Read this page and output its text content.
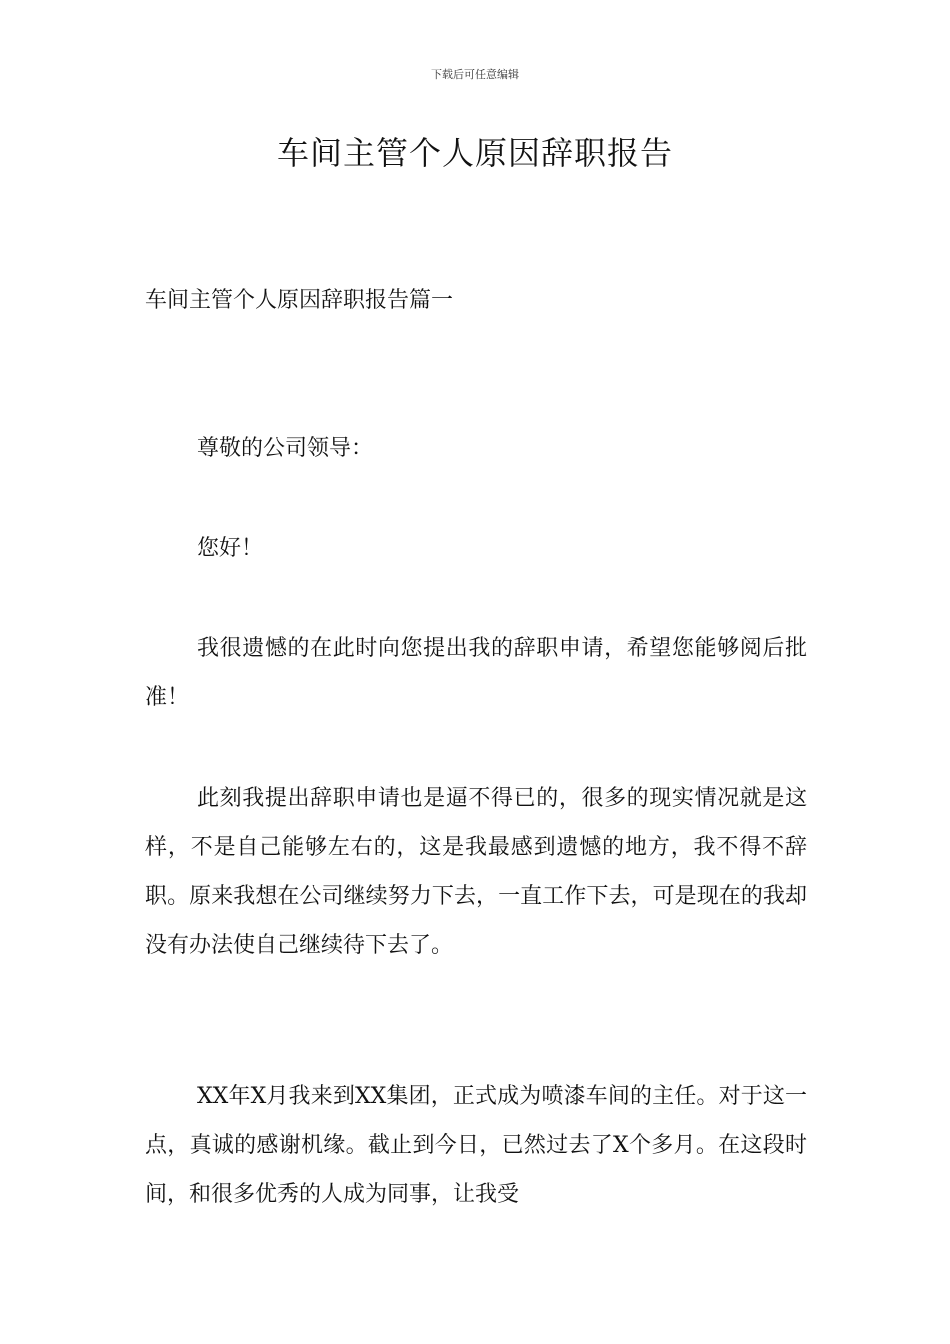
下载后可任意编辑
车间主管个人原因辞职报告
车间主管个人原因辞职报告篇一
尊敬的公司领导：
您好！
我很遗憾的在此时向您提出我的辞职申请，希望您能够阅后批准！
此刻我提出辞职申请也是逼不得已的，很多的现实情况就是这样，不是自己能够左右的，这是我最感到遗憾的地方，我不得不辞职。原来我想在公司继续努力下去，一直工作下去，可是现在的我却没有办法使自己继续待下去了。
XX年X月我来到XX集团，正式成为喷漆车间的主任。对于这一点，真诚的感谢机缘。截止到今日，已然过去了X个多月。在这段时间，和很多优秀的人成为同事，让我受
